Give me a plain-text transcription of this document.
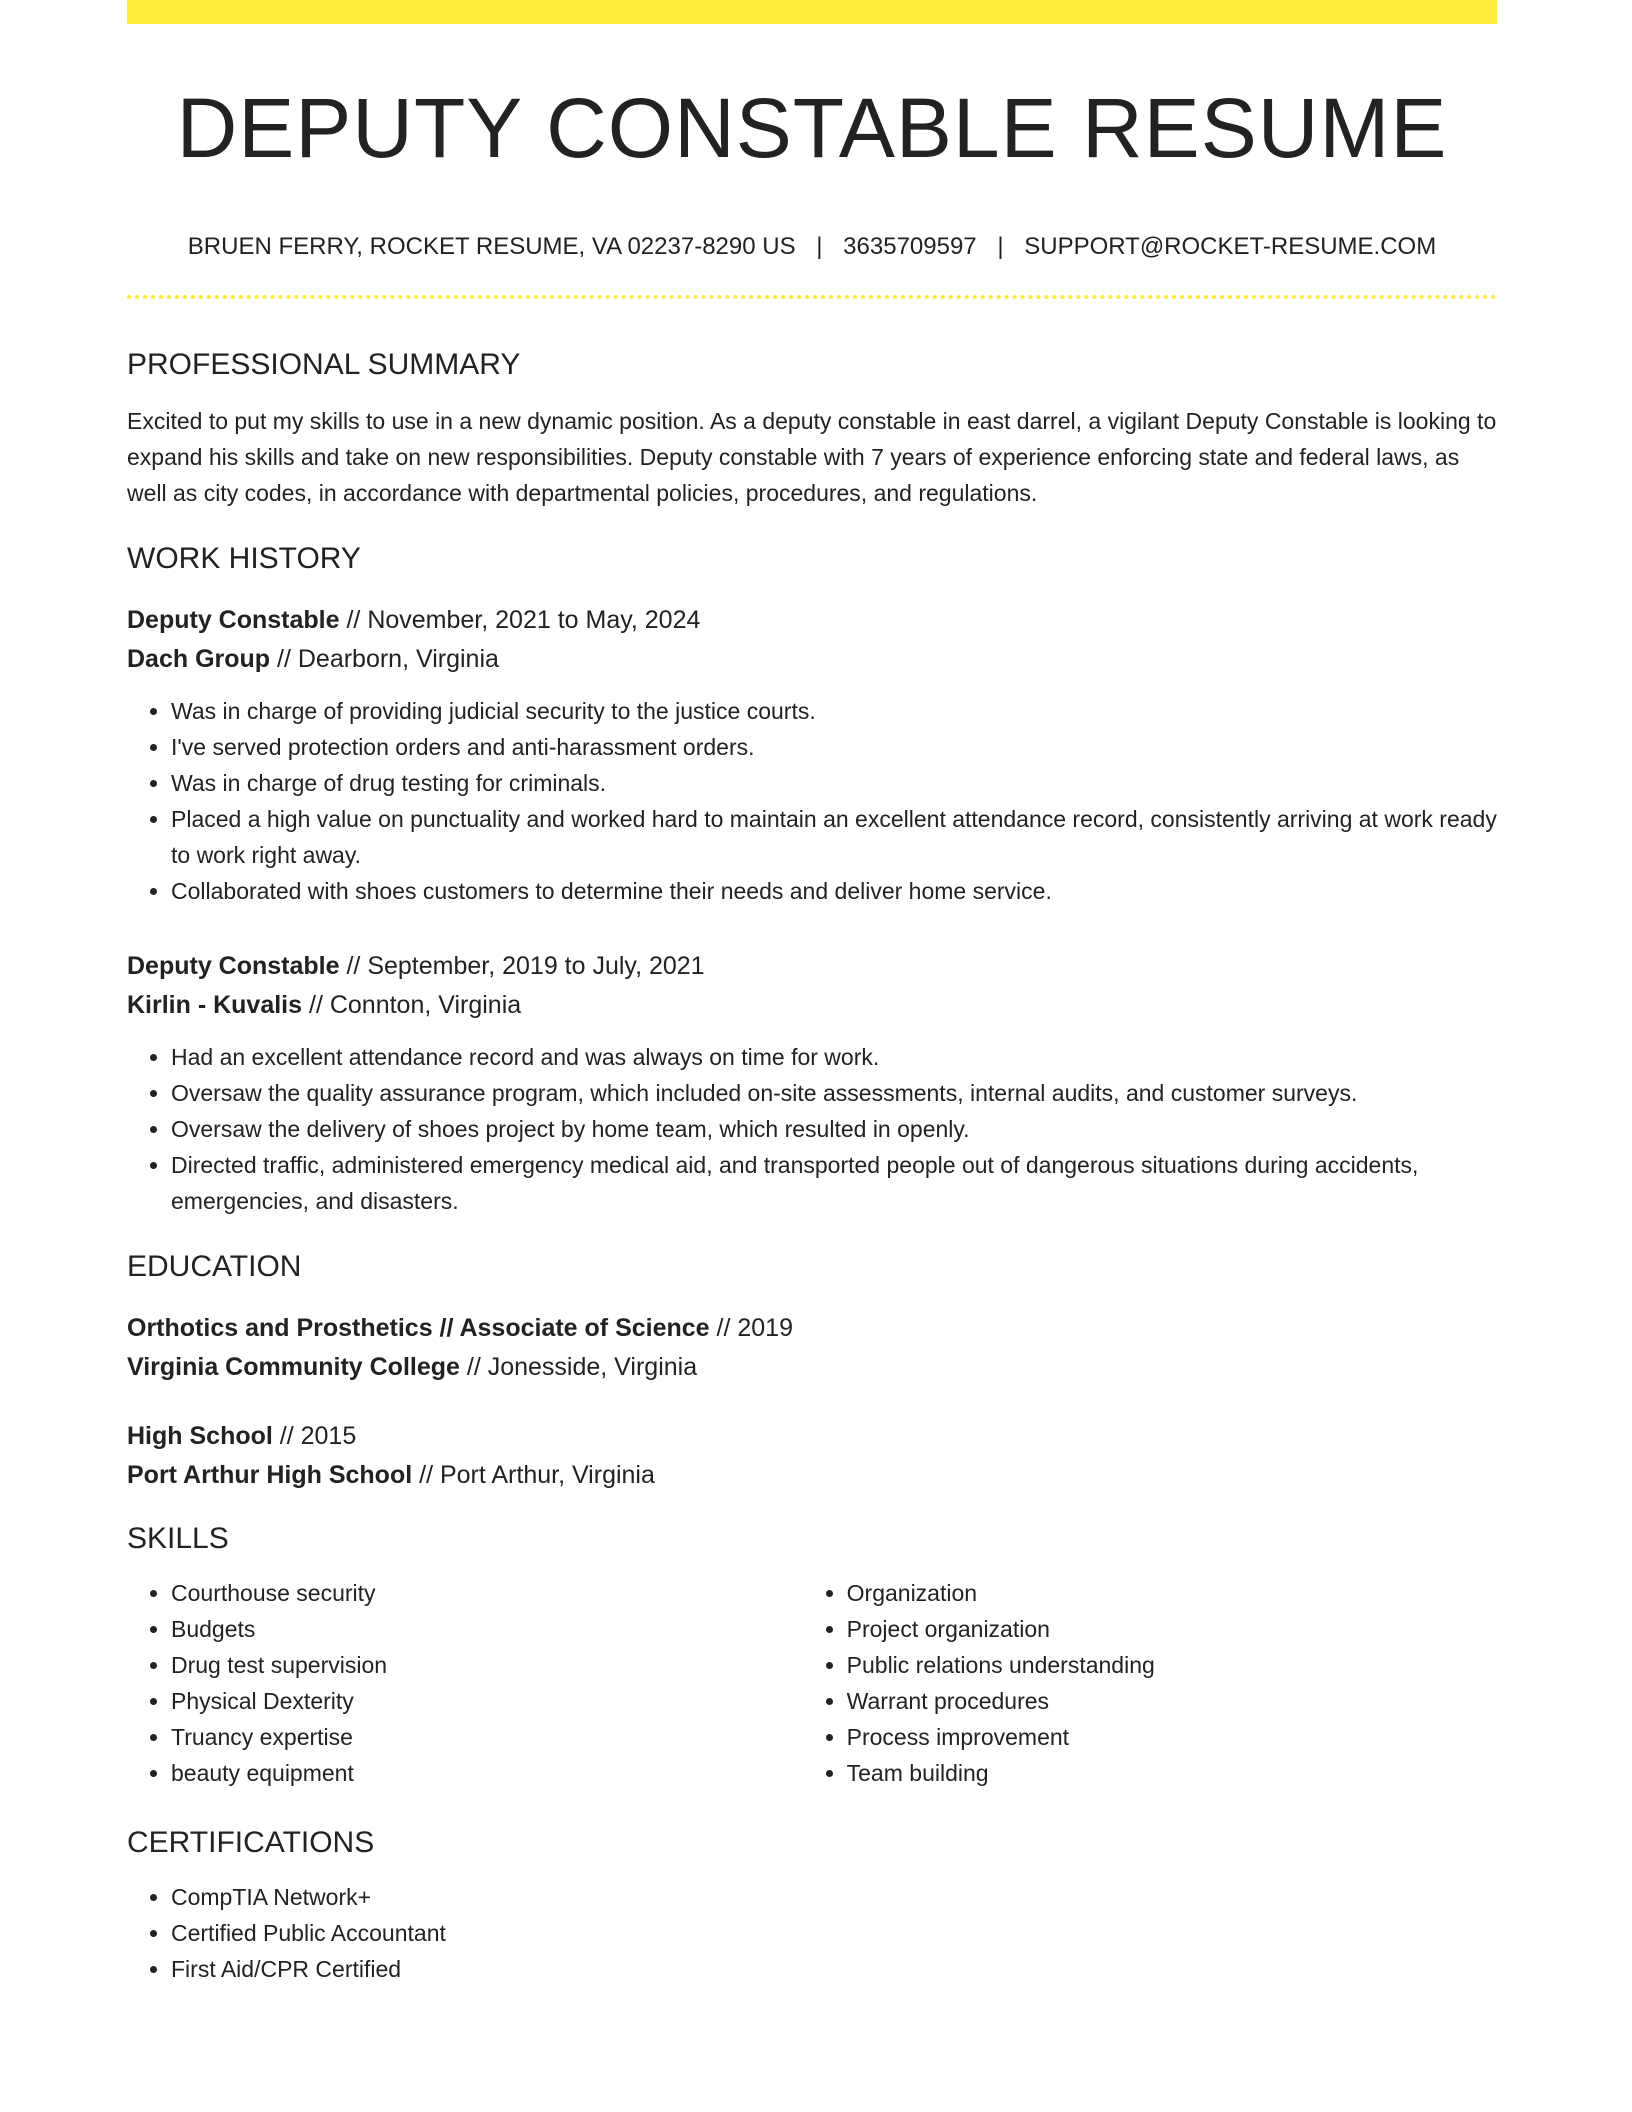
DEPUTY CONSTABLE RESUME
BRUEN FERRY, ROCKET RESUME, VA 02237-8290 US | 3635709597 | SUPPORT@ROCKET-RESUME.COM
PROFESSIONAL SUMMARY

Excited to put my skills to use in a new dynamic position. As a deputy constable in east darrel, a vigilant Deputy Constable is looking to expand his skills and take on new responsibilities. Deputy constable with 7 years of experience enforcing state and federal laws, as well as city codes, in accordance with departmental policies, procedures, and regulations.

WORK HISTORY
Deputy Constable // November, 2021 to May, 2024
Dach Group // Dearborn, Virginia
• Was in charge of providing judicial security to the justice courts.
• I've served protection orders and anti-harassment orders.
• Was in charge of drug testing for criminals.
• Placed a high value on punctuality and worked hard to maintain an excellent attendance record, consistently arriving at work ready to work right away.
• Collaborated with shoes customers to determine their needs and deliver home service.
Deputy Constable // September, 2019 to July, 2021
Kirlin - Kuvalis // Connton, Virginia
• Had an excellent attendance record and was always on time for work.
• Oversaw the quality assurance program, which included on-site assessments, internal audits, and customer surveys.
• Oversaw the delivery of shoes project by home team, which resulted in openly.
• Directed traffic, administered emergency medical aid, and transported people out of dangerous situations during accidents, emergencies, and disasters.
EDUCATION
Orthotics and Prosthetics // Associate of Science // 2019
Virginia Community College // Jonesside, Virginia
High School // 2015
Port Arthur High School // Port Arthur, Virginia
SKILLS
• Courthouse security
• Budgets
• Drug test supervision
• Physical Dexterity
• Truancy expertise
• beauty equipment
• Organization
• Project organization
• Public relations understanding
• Warrant procedures
• Process improvement
• Team building
CERTIFICATIONS
• CompTIA Network+
• Certified Public Accountant
• First Aid/CPR Certified
